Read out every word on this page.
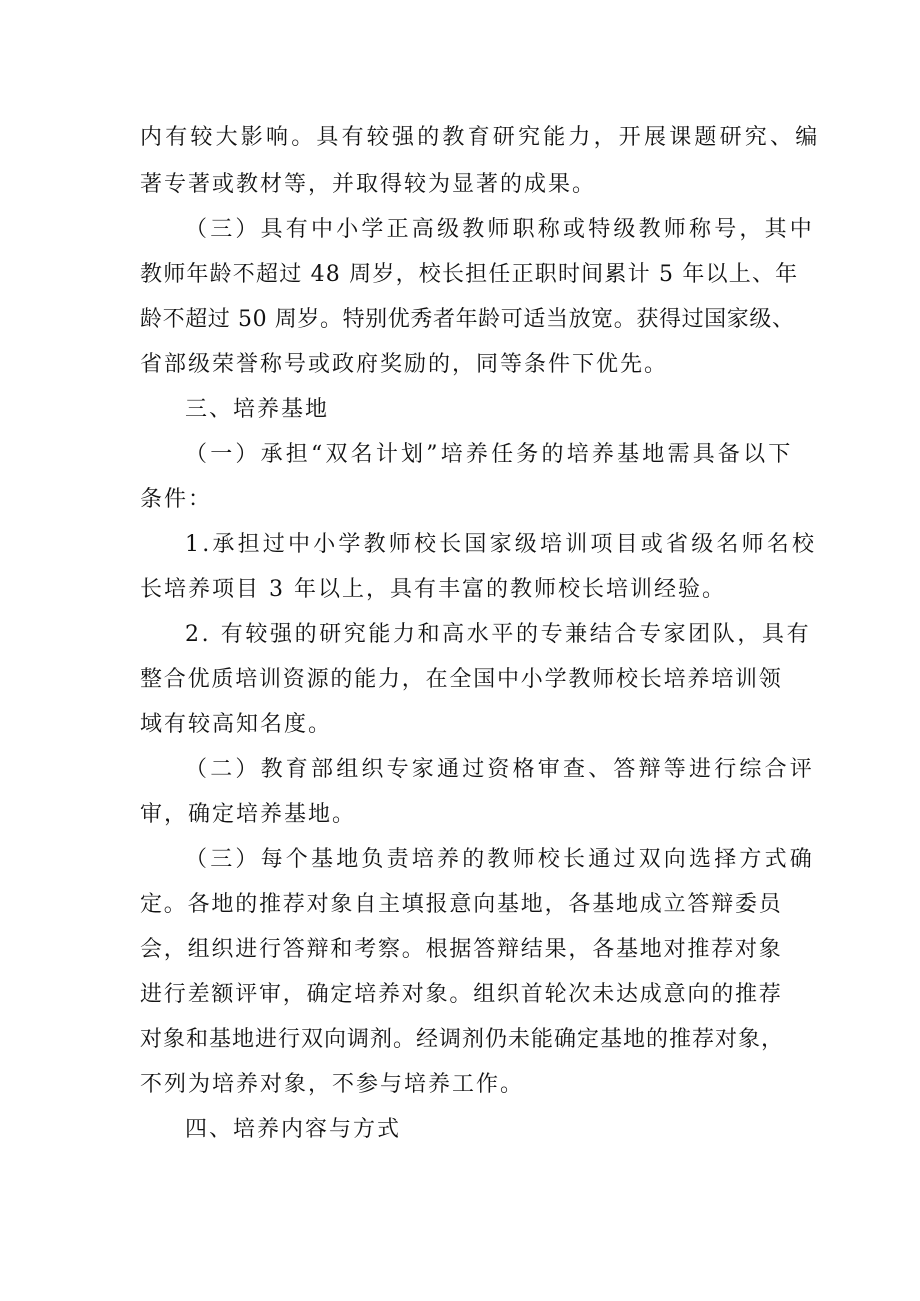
内有较大影响。具有较强的教育研究能力，开展课题研究、编
著专著或教材等，并取得较为显著的成果。
（三）具有中小学正高级教师职称或特级教师称号，其中
教师年龄不超过 48 周岁，校长担任正职时间累计 5 年以上、年
龄不超过 50 周岁。特别优秀者年龄可适当放宽。获得过国家级、
省部级荣誉称号或政府奖励的，同等条件下优先。
三、培养基地
（一）承担“双名计划”培养任务的培养基地需具备以下
条件：
1.承担过中小学教师校长国家级培训项目或省级名师名校
长培养项目 3 年以上，具有丰富的教师校长培训经验。
2. 有较强的研究能力和高水平的专兼结合专家团队，具有
整合优质培训资源的能力，在全国中小学教师校长培养培训领
域有较高知名度。
（二）教育部组织专家通过资格审查、答辩等进行综合评
审，确定培养基地。
（三）每个基地负责培养的教师校长通过双向选择方式确
定。各地的推荐对象自主填报意向基地，各基地成立答辩委员
会，组织进行答辩和考察。根据答辩结果，各基地对推荐对象
进行差额评审，确定培养对象。组织首轮次未达成意向的推荐
对象和基地进行双向调剂。经调剂仍未能确定基地的推荐对象，
不列为培养对象，不参与培养工作。
四、培养内容与方式
